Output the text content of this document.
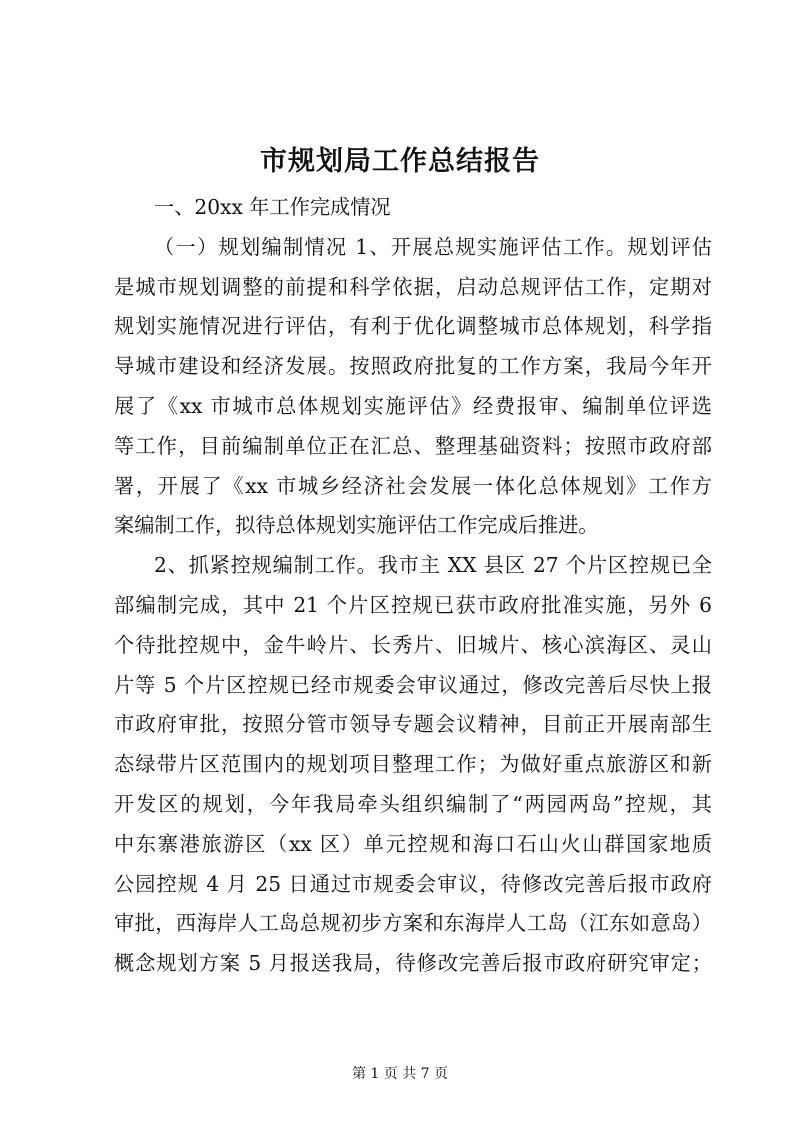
市规划局工作总结报告
一、20xx 年工作完成情况
（一）规划编制情况 1、开展总规实施评估工作。规划评估
是城市规划调整的前提和科学依据，启动总规评估工作，定期对
规划实施情况进行评估，有利于优化调整城市总体规划，科学指
导城市建设和经济发展。按照政府批复的工作方案，我局今年开
展了《xx 市城市总体规划实施评估》经费报审、编制单位评选
等工作，目前编制单位正在汇总、整理基础资料；按照市政府部
署，开展了《xx 市城乡经济社会发展一体化总体规划》工作方
案编制工作，拟待总体规划实施评估工作完成后推进。
2、抓紧控规编制工作。我市主 XX 县区 27 个片区控规已全
部编制完成，其中 21 个片区控规已获市政府批准实施，另外 6
个待批控规中，金牛岭片、长秀片、旧城片、核心滨海区、灵山
片等 5 个片区控规已经市规委会审议通过，修改完善后尽快上报
市政府审批，按照分管市领导专题会议精神，目前正开展南部生
态绿带片区范围内的规划项目整理工作；为做好重点旅游区和新
开发区的规划，今年我局牵头组织编制了“两园两岛”控规，其
中东寨港旅游区（xx 区）单元控规和海口石山火山群国家地质
公园控规 4 月 25 日通过市规委会审议，待修改完善后报市政府
审批，西海岸人工岛总规初步方案和东海岸人工岛（江东如意岛）
概念规划方案 5 月报送我局，待修改完善后报市政府研究审定；
第 1 页 共 7 页
